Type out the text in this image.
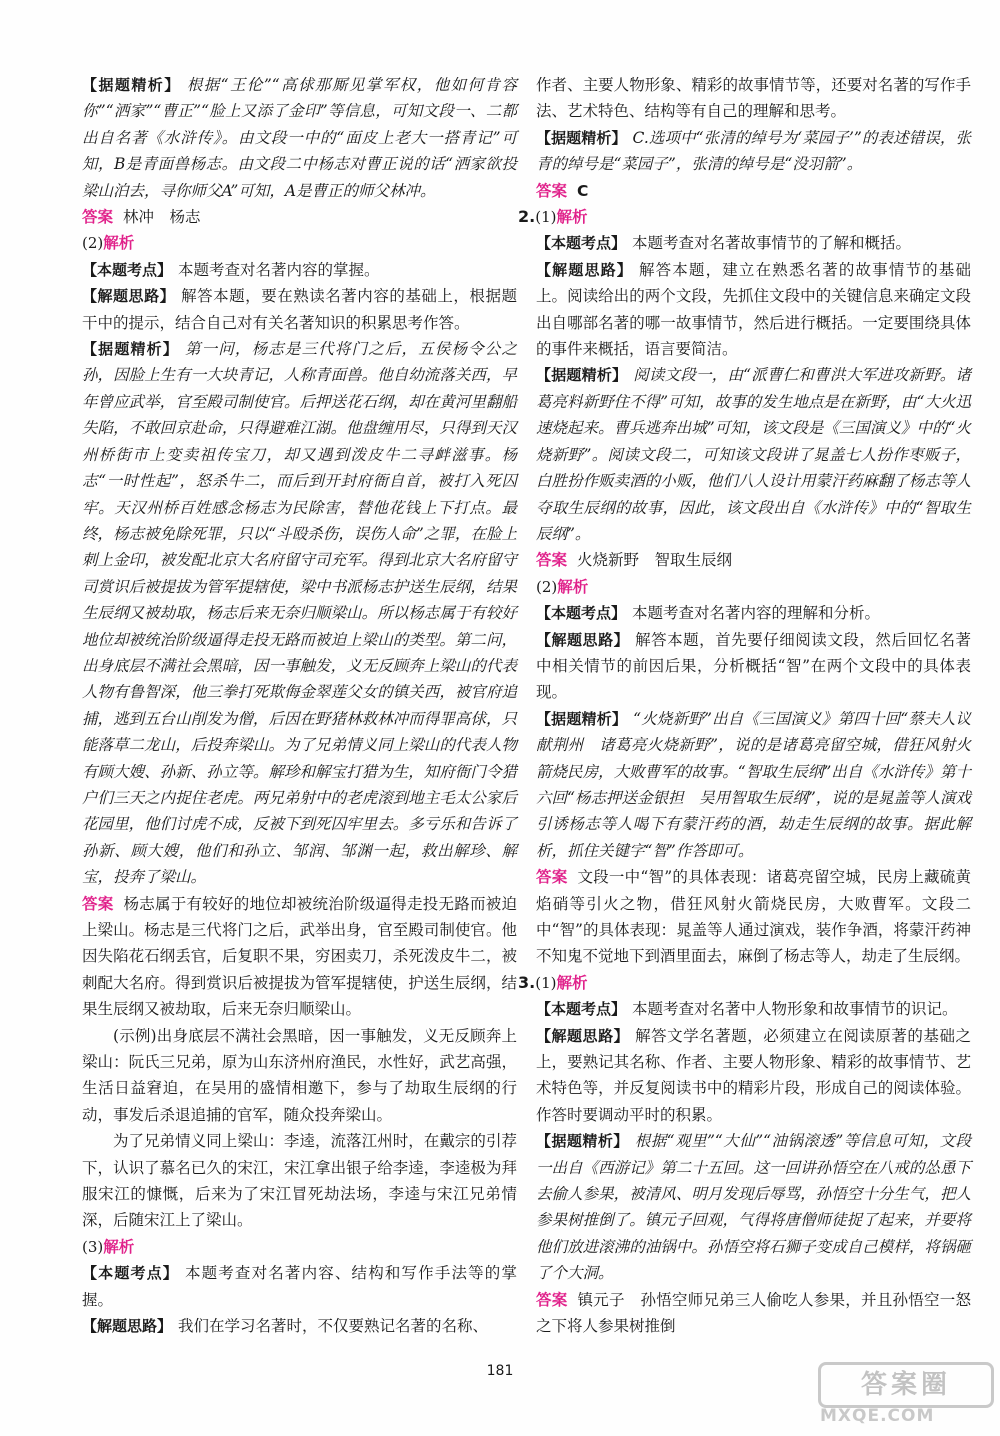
【据题精析】 根据“王伦”“高俅那厮见掌军权，他如何肯容你”“洒家”“曹正”“脸上又添了金印”等信息，可知文段一、二都出自名著《水浒传》。由文段一中的“面皮上老大一搭青记”可知，B是青面兽杨志。由文段二中杨志对曹正说的话“洒家欲投梁山泊去，寻你师父A”可知，A是曹正的师父林冲。

答案 林冲　杨志

(2)解析

【本题考点】 本题考查对名著内容的掌握。

【解题思路】 解答本题，要在熟读名著内容的基础上，根据题干中的提示，结合自己对有关名著知识的积累思考作答。

【据题精析】 第一问，杨志是三代将门之后，五侯杨令公之孙，因脸上生有一大块青记，人称青面兽。他自幼流落关西，早年曾应武举，官至殿司制使官。后押送花石纲，却在黄河里翻船失陷，不敢回京赴命，只得避难江湖。他盘缠用尽，只得到天汉州桥街市上变卖祖传宝刀，却又遇到泼皮牛二寻衅滋事。杨志“一时性起”，怒杀牛二，而后到开封府衙自首，被打入死囚牢。天汉州桥百姓感念杨志为民除害，替他花钱上下打点。最终，杨志被免除死罪，只以“斗殴杀伤，误伤人命”之罪，在脸上刺上金印，被发配北京大名府留守司充军。得到北京大名府留守司赏识后被提拔为管军提辖使，梁中书派杨志护送生辰纲，结果生辰纲又被劫取，杨志后来无奈归顺梁山。所以杨志属于有较好地位却被统治阶级逼得走投无路而被迫上梁山的类型。第二问，出身底层不满社会黑暗，因一事触发，义无反顾奔上梁山的代表人物有鲁智深，他三拳打死欺侮金翠莲父女的镇关西，被官府追捕，逃到五台山削发为僧，后因在野猪林救林冲而得罪高俅，只能落草二龙山，后投奔梁山。为了兄弟情义同上梁山的代表人物有顾大嫂、孙新、孙立等。解珍和解宝打猎为生，知府衙门令猎户们三天之内捉住老虎。两兄弟射中的老虎滚到地主毛太公家后花园里，他们讨虎不成，反被下到死囚牢里去。多亏乐和告诉了孙新、顾大嫂，他们和孙立、邹润、邹渊一起，救出解珍、解宝，投奔了梁山。

答案 杨志属于有较好的地位却被统治阶级逼得走投无路而被迫上梁山。杨志是三代将门之后，武举出身，官至殿司制使官。他因失陷花石纲丢官，后复职不果，穷困卖刀，杀死泼皮牛二，被刺配大名府。得到赏识后被提拔为管军提辖使，护送生辰纲，结果生辰纲又被劫取，后来无奈归顺梁山。

(示例)出身底层不满社会黑暗，因一事触发，义无反顾奔上梁山：阮氏三兄弟，原为山东济州府渔民，水性好，武艺高强，生活日益窘迫，在吴用的盛情相邀下，参与了劫取生辰纲的行动，事发后杀退追捕的官军，随众投奔梁山。

为了兄弟情义同上梁山：李逵，流落江州时，在戴宗的引荐下，认识了慕名已久的宋江，宋江拿出银子给李逵，李逵极为拜服宋江的慷慨，后来为了宋江冒死劫法场，李逵与宋江兄弟情深，后随宋江上了梁山。

(3)解析

【本题考点】 本题考查对名著内容、结构和写作手法等的掌握。

【解题思路】 我们在学习名著时，不仅要熟记名著的名称、

作者、主要人物形象、精彩的故事情节等，还要对名著的写作手法、艺术特色、结构等有自己的理解和思考。

【据题精析】 C.选项中“张清的绰号为‘菜园子’”的表述错误，张青的绰号是“菜园子”，张清的绰号是“没羽箭”。

答案 C

2.(1)解析

【本题考点】 本题考查对名著故事情节的了解和概括。

【解题思路】 解答本题，建立在熟悉名著的故事情节的基础上。阅读给出的两个文段，先抓住文段中的关键信息来确定文段出自哪部名著的哪一故事情节，然后进行概括。一定要围绕具体的事件来概括，语言要简洁。

【据题精析】 阅读文段一，由“派曹仁和曹洪大军进攻新野。诸葛亮料新野住不得”可知，故事的发生地点是在新野，由“大火迅速烧起来。曹兵逃奔出城”可知，该文段是《三国演义》中的“火烧新野”。阅读文段二，可知该文段讲了晁盖七人扮作枣贩子，白胜扮作贩卖酒的小贩，他们八人设计用蒙汗药麻翻了杨志等人夺取生辰纲的故事，因此，该文段出自《水浒传》中的“智取生辰纲”。

答案 火烧新野　智取生辰纲

(2)解析

【本题考点】 本题考查对名著内容的理解和分析。

【解题思路】 解答本题，首先要仔细阅读文段，然后回忆名著中相关情节的前因后果，分析概括“智”在两个文段中的具体表现。

【据题精析】 “火烧新野”出自《三国演义》第四十回“蔡夫人议献荆州　诸葛亮火烧新野”，说的是诸葛亮留空城，借狂风射火箭烧民房，大败曹军的故事。“智取生辰纲”出自《水浒传》第十六回“杨志押送金银担　吴用智取生辰纲”，说的是晁盖等人演戏引诱杨志等人喝下有蒙汗药的酒，劫走生辰纲的故事。据此解析，抓住关键字“智”作答即可。

答案 文段一中“智”的具体表现：诸葛亮留空城，民房上藏硫黄焰硝等引火之物，借狂风射火箭烧民房，大败曹军。文段二中“智”的具体表现：晁盖等人通过演戏，装作争酒，将蒙汗药神不知鬼不觉地下到酒里面去，麻倒了杨志等人，劫走了生辰纲。

3.(1)解析

【本题考点】 本题考查对名著中人物形象和故事情节的识记。

【解题思路】 解答文学名著题，必须建立在阅读原著的基础之上，要熟记其名称、作者、主要人物形象、精彩的故事情节、艺术特色等，并反复阅读书中的精彩片段，形成自己的阅读体验。作答时要调动平时的积累。

【据题精析】 根据“观里”“大仙”“油锅滚透”等信息可知，文段一出自《西游记》第二十五回。这一回讲孙悟空在八戒的怂恿下去偷人参果，被清风、明月发现后辱骂，孙悟空十分生气，把人参果树推倒了。镇元子回观，气得将唐僧师徒捉了起来，并要将他们放进滚沸的油锅中。孙悟空将石狮子变成自己模样，将锅砸了个大洞。

答案 镇元子　孙悟空师兄弟三人偷吃人参果，并且孙悟空一怒之下将人参果树推倒

181	答案圈
MXQE.COM
